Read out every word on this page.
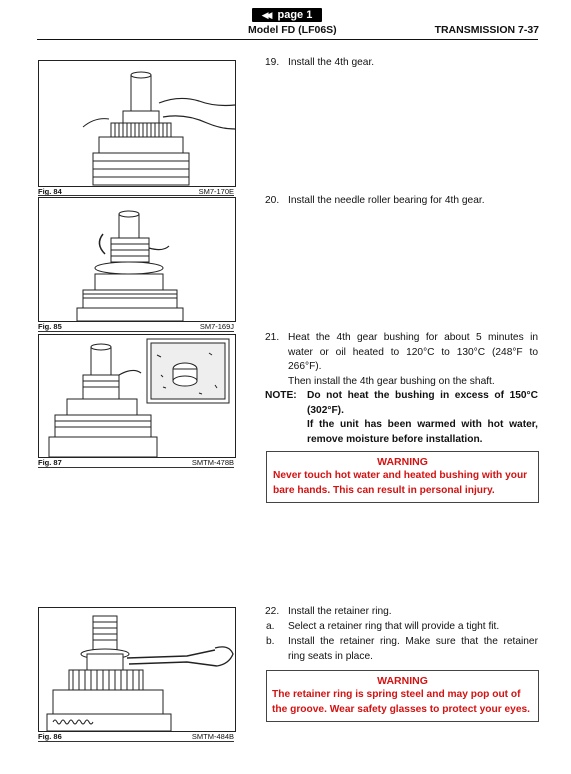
◀◀ page 1
Model FD (LF06S)	TRANSMISSION 7-37
Fig. 84	SM7-170E
Fig. 85	SM7-169J
Fig. 87	SMTM-478B
Fig. 86	SMTM-484B
19. Install the 4th gear.
20. Install the needle roller bearing for 4th gear.
21. Heat the 4th gear bushing for about 5 minutes in
water or oil heated to 120°C to 130°C (248°F to
266°F).
Then install the 4th gear bushing on the shaft.
NOTE: Do not heat the bushing in excess of 150°C
(302°F).
If the unit has been warmed with hot water,
remove moisture before installation.
WARNING
Never touch hot water and heated bushing with your
bare hands. This can result in personal injury.
22. Install the retainer ring.
a. Select a retainer ring that will provide a tight fit.
b. Install the retainer ring. Make sure that the retainer
ring seats in place.
WARNING
The retainer ring is spring steel and may pop out of
the groove. Wear safety glasses to protect your eyes.
